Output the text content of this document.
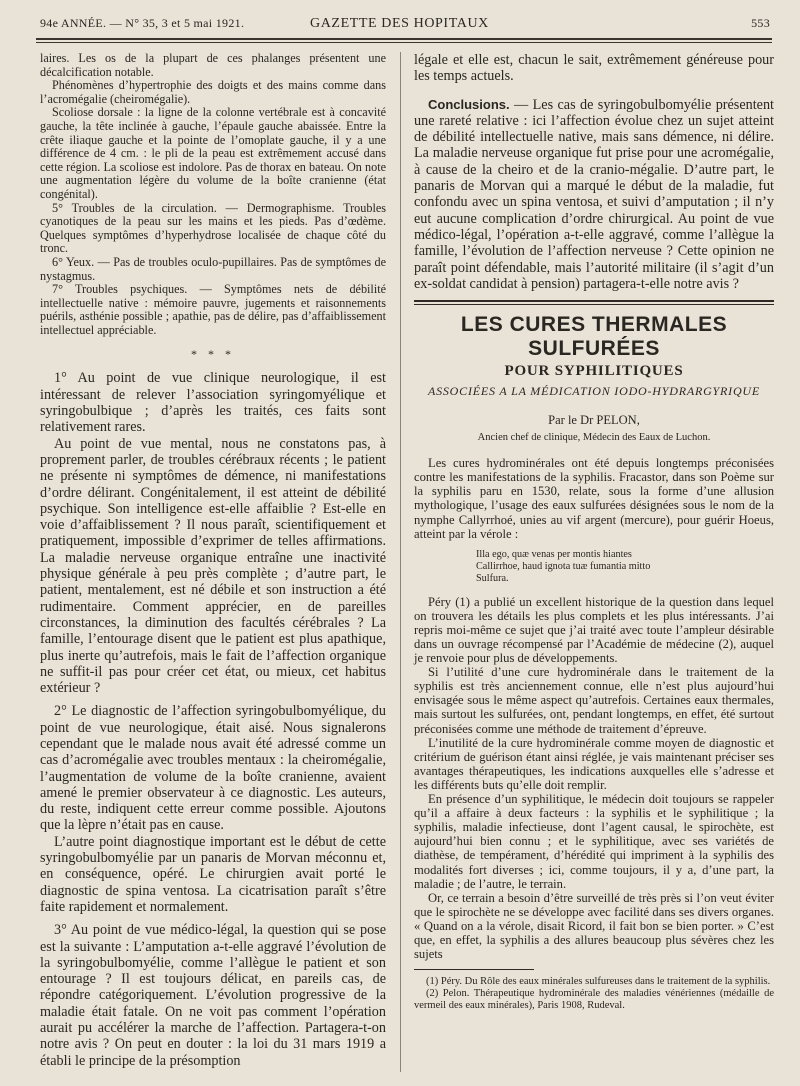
94e ANNÉE. — N° 35, 3 et 5 mai 1921.	GAZETTE DES HOPITAUX	553

laires. Les os de la plupart de ces phalanges présentent une décalcification notable.

Phénomènes d’hypertrophie des doigts et des mains comme dans l’acromégalie (cheiromégalie).

Scoliose dorsale : la ligne de la colonne vertébrale est à concavité gauche, la tête inclinée à gauche, l’épaule gauche abaissée. Entre la crête iliaque gauche et la pointe de l’omoplate gauche, il y a une différence de 4 cm. : le pli de la peau est extrêmement accusé dans cette région. La scoliose est indolore. Pas de thorax en bateau. On note une augmentation légère du volume de la boîte cranienne (état congénital).

5° Troubles de la circulation. — Dermographisme. Troubles cyanotiques de la peau sur les mains et les pieds. Pas d’œdème. Quelques symptômes d’hyperhydrose localisée de chaque côté du tronc.

6° Yeux. — Pas de troubles oculo-pupillaires. Pas de symptômes de nystagmus.

7° Troubles psychiques. — Symptômes nets de débilité intellectuelle native : mémoire pauvre, jugements et raisonnements puérils, asthénie possible ; apathie, pas de délire, pas d’affaiblissement intellectuel appréciable.

* * *

1° Au point de vue clinique neurologique, il est intéressant de relever l’association syringomyélique et syringobulbique ; d’après les traités, ces faits sont relativement rares.

Au point de vue mental, nous ne constatons pas, à proprement parler, de troubles cérébraux récents ; le patient ne présente ni symptômes de démence, ni manifestations d’ordre délirant. Congénitalement, il est atteint de débilité psychique. Son intelligence est-elle affaiblie ? Est-elle en voie d’affaiblissement ? Il nous paraît, scientifiquement et pratiquement, impossible d’exprimer de telles affirmations. La maladie nerveuse organique entraîne une inactivité physique générale à peu près complète ; d’autre part, le patient, mentalement, est né débile et son instruction a été rudimentaire. Comment apprécier, en de pareilles circonstances, la diminution des facultés cérébrales ? La famille, l’entourage disent que le patient est plus apathique, plus inerte qu’autrefois, mais le fait de l’affection organique ne suffit-il pas pour créer cet état, ou mieux, cet habitus extérieur ?

2° Le diagnostic de l’affection syringobulbomyélique, du point de vue neurologique, était aisé. Nous signalerons cependant que le malade nous avait été adressé comme un cas d’acromégalie avec troubles mentaux : la cheiromégalie, l’augmentation de volume de la boîte cranienne, avaient amené le premier observateur à ce diagnostic. Les auteurs, du reste, indiquent cette erreur comme possible. Ajoutons que la lèpre n’était pas en cause.

L’autre point diagnostique important est le début de cette syringobulbomyélie par un panaris de Morvan méconnu et, en conséquence, opéré. Le chirurgien avait porté le diagnostic de spina ventosa. La cicatrisation paraît s’être faite rapidement et normalement.

3° Au point de vue médico-légal, la question qui se pose est la suivante : L’amputation a-t-elle aggravé l’évolution de la syringobulbomyélie, comme l’allègue le patient et son entourage ? Il est toujours délicat, en pareils cas, de répondre catégoriquement. L’évolution progressive de la maladie était fatale. On ne voit pas comment l’opération aurait pu accélérer la marche de l’affection. Partagera-t-on notre avis ? On peut en douter : la loi du 31 mars 1919 a établi le principe de la présomption

légale et elle est, chacun le sait, extrêmement généreuse pour les temps actuels.

Conclusions. — Les cas de syringobulbomyélie présentent une rareté relative : ici l’affection évolue chez un sujet atteint de débilité intellectuelle native, mais sans démence, ni délire. La maladie nerveuse organique fut prise pour une acromégalie, à cause de la cheiro et de la cranio-mégalie. D’autre part, le panaris de Morvan qui a marqué le début de la maladie, fut confondu avec un spina ventosa, et suivi d’amputation ; il n’y eut aucune complication d’ordre chirurgical. Au point de vue médico-légal, l’opération a-t-elle aggravé, comme l’allègue la famille, l’évolution de l’affection nerveuse ? Cette opinion ne paraît point défendable, mais l’autorité militaire (il s’agit d’un ex-soldat candidat à pension) partagera-t-elle notre avis ?

LES CURES THERMALES SULFURÉES
POUR SYPHILITIQUES
ASSOCIÉES A LA MÉDICATION IODO-HYDRARGYRIQUE
Par le Dr PELON,
Ancien chef de clinique, Médecin des Eaux de Luchon.

Les cures hydrominérales ont été depuis longtemps préconisées contre les manifestations de la syphilis. Fracastor, dans son Poème sur la syphilis paru en 1530, relate, sous la forme d’une allusion mythologique, l’usage des eaux sulfurées désignées sous le nom de la nymphe Callyrrhoé, unies au vif argent (mercure), pour guérir Hoeus, atteint par la vérole :

Illa ego, quæ venas per montis hiantes
Callirrhoe, haud ignota tuæ fumantia mitto
Sulfura.

Péry (1) a publié un excellent historique de la question dans lequel on trouvera les détails les plus complets et les plus intéressants. J’ai repris moi-même ce sujet que j’ai traité avec toute l’ampleur désirable dans un ouvrage récompensé par l’Académie de médecine (2), auquel je renvoie pour plus de développements.

Si l’utilité d’une cure hydrominérale dans le traitement de la syphilis est très anciennement connue, elle n’est plus aujourd’hui envisagée sous le même aspect qu’autrefois. Certaines eaux thermales, mais surtout les sulfurées, ont, pendant longtemps, en effet, été surtout préconisées comme une méthode de traitement d’épreuve.

L’inutilité de la cure hydrominérale comme moyen de diagnostic et critérium de guérison étant ainsi réglée, je vais maintenant préciser ses avantages thérapeutiques, les indications auxquelles elle s’adresse et les différents buts qu’elle doit remplir.

En présence d’un syphilitique, le médecin doit toujours se rappeler qu’il a affaire à deux facteurs : la syphilis et le syphilitique ; la syphilis, maladie infectieuse, dont l’agent causal, le spirochète, est aujourd’hui bien connu ; et le syphilitique, avec ses variétés de diathèse, de tempérament, d’hérédité qui impriment à la syphilis des modalités fort diverses ; ici, comme toujours, il y a, d’une part, la maladie ; de l’autre, le terrain.

Or, ce terrain a besoin d’être surveillé de très près si l’on veut éviter que le spirochète ne se développe avec facilité dans ses divers organes. « Quand on a la vérole, disait Ricord, il fait bon se bien porter. » C’est que, en effet, la syphilis a des allures beaucoup plus sévères chez les sujets

(1) Péry. Du Rôle des eaux minérales sulfureuses dans le traitement de la syphilis.

(2) Pelon. Thérapeutique hydrominérale des maladies vénériennes (médaille de vermeil des eaux minérales), Paris 1908, Rudeval.
